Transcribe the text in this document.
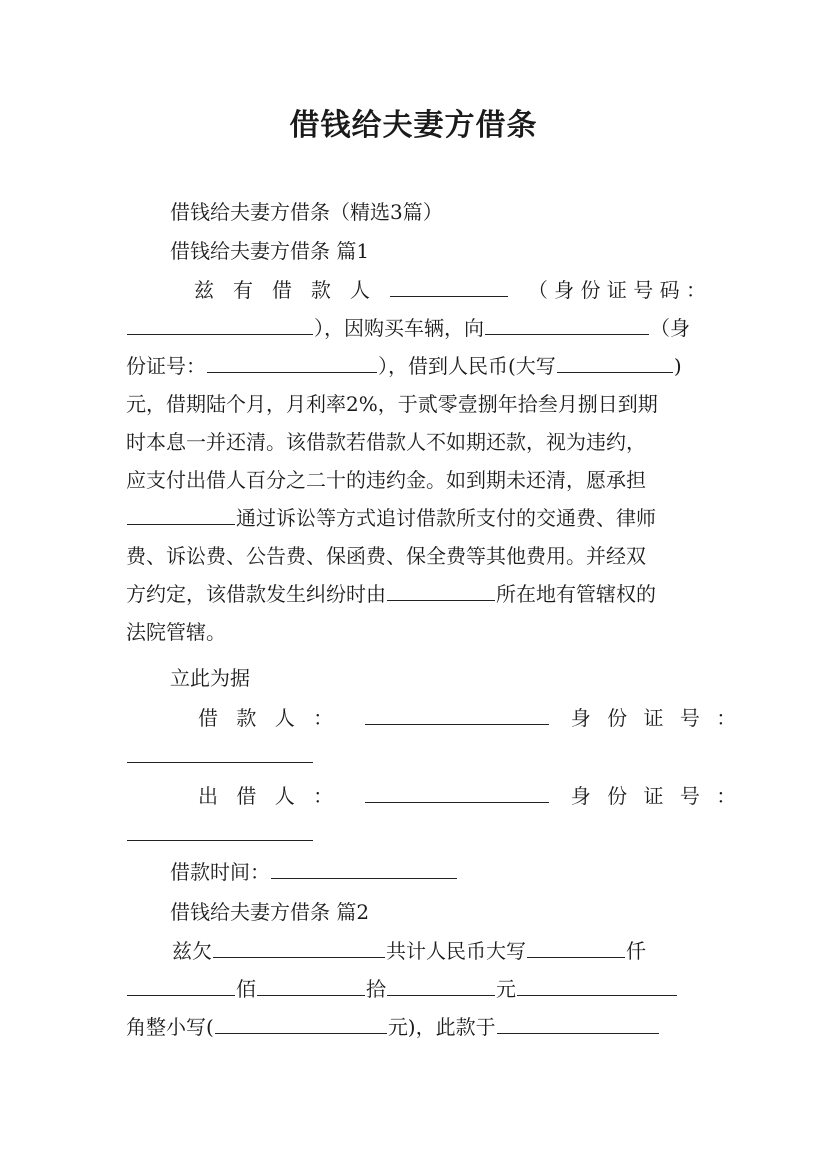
借钱给夫妻方借条
借钱给夫妻方借条（精选3篇）
借钱给夫妻方借条 篇1
兹 有 借 款 人	（ 身 份 证 号 码 ：
），因购买车辆，向	（身
份证号：	），借到人民币(大写	)
元，借期陆个月，月利率2%，于贰零壹捌年拾叁月捌日到期
时本息一并还清。该借款若借款人不如期还款，视为违约，
应支付出借人百分之二十的违约金。如到期未还清，愿承担
通过诉讼等方式追讨借款所支付的交通费、律师
费、诉讼费、公告费、保函费、保全费等其他费用。并经双
方约定，该借款发生纠纷时由	所在地有管辖权的
法院管辖。
立此为据
借 款 人 ：	身 份 证 号 ：
出 借 人 ：	身 份 证 号 ：
借款时间：
借钱给夫妻方借条 篇2
兹欠	共计人民币大写	仟
佰	拾	元
角整小写(	元)，此款于
